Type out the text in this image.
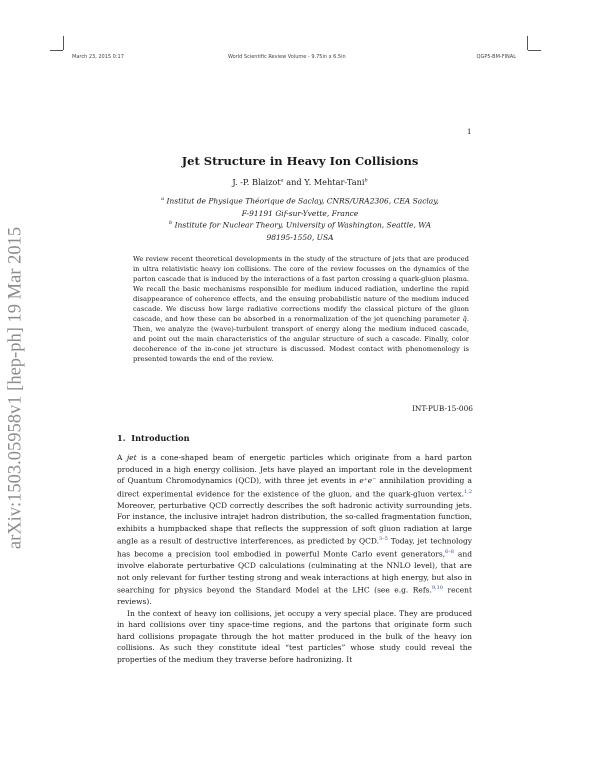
March 23, 2015 0:17	World Scientific Review Volume - 9.75in x 6.5in	QGP5-BM-FINAL
1
arXiv:1503.05958v1 [hep-ph] 19 Mar 2015
Jet Structure in Heavy Ion Collisions
J. -P. Blaizot$^a$ and Y. Mehtar-Tani$^b$
$^a$ Institut de Physique Théorique de Saclay, CNRS/URA2306, CEA Saclay,
F-91191 Gif-sur-Yvette, France
$^b$ Institute for Nuclear Theory, University of Washington, Seattle, WA
98195-1550, USA
We review recent theoretical developments in the study of the structure of jets that are produced in ultra relativistic heavy ion collisions. The core of the review focusses on the dynamics of the parton cascade that is induced by the interactions of a fast parton crossing a quark-gluon plasma. We recall the basic mechanisms responsible for medium induced radiation, underline the rapid disappearance of coherence effects, and the ensuing probabilistic nature of the medium induced cascade. We discuss how large radiative corrections modify the classical picture of the gluon cascade, and how these can be absorbed in a renormalization of the jet quenching parameter q̂. Then, we analyze the (wave)-turbulent transport of energy along the medium induced cascade, and point out the main characteristics of the angular structure of such a cascade. Finally, color decoherence of the in-cone jet structure is discussed. Modest contact with phenomenology is presented towards the end of the review.
INT-PUB-15-006
1. Introduction

A jet is a cone-shaped beam of energetic particles which originate from a hard parton produced in a high energy collision. Jets have played an important role in the development of Quantum Chromodynamics (QCD), with three jet events in e⁺e⁻ annihilation providing a direct experimental evidence for the existence of the gluon, and the quark-gluon vertex.$^{1,2}$ Moreover, perturbative QCD correctly describes the soft hadronic activity surrounding jets. For instance, the inclusive intrajet hadron distribution, the so-called fragmentation function, exhibits a humpbacked shape that reflects the suppression of soft gluon radiation at large angle as a result of destructive interferences, as predicted by QCD.$^{3-5}$ Today, jet technology has become a precision tool embodied in powerful Monte Carlo event generators,$^{6-8}$ and involve elaborate perturbative QCD calculations (culminating at the NNLO level), that are not only relevant for further testing strong and weak interactions at high energy, but also in searching for physics beyond the Standard Model at the LHC (see e.g. Refs.$^{9,10}$ recent reviews).

In the context of heavy ion collisions, jet occupy a very special place. They are produced in hard collisions over tiny space-time regions, and the partons that originate form such hard collisions propagate through the hot matter produced in the bulk of the heavy ion collisions. As such they constitute ideal “test particles” whose study could reveal the properties of the medium they traverse before hadronizing. It
